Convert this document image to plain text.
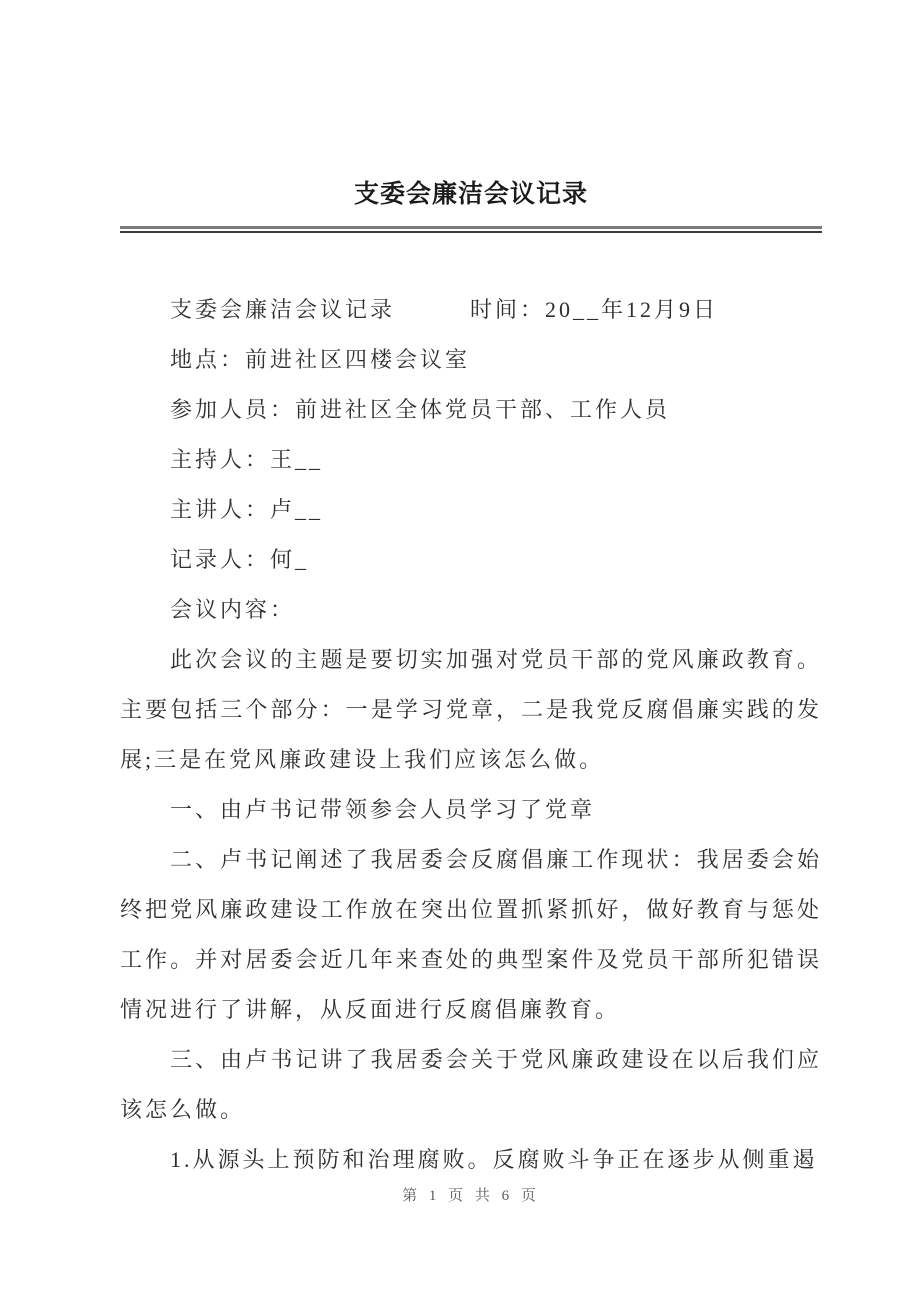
支委会廉洁会议记录

支委会廉洁会议记录　　　时间：20__年12月9日

地点：前进社区四楼会议室

参加人员：前进社区全体党员干部、工作人员

主持人：王__

主讲人：卢__

记录人：何_

会议内容：

此次会议的主题是要切实加强对党员干部的党风廉政教育。主要包括三个部分：一是学习党章，二是我党反腐倡廉实践的发展;三是在党风廉政建设上我们应该怎么做。

一、由卢书记带领参会人员学习了党章

二、卢书记阐述了我居委会反腐倡廉工作现状：我居委会始终把党风廉政建设工作放在突出位置抓紧抓好，做好教育与惩处工作。并对居委会近几年来查处的典型案件及党员干部所犯错误情况进行了讲解，从反面进行反腐倡廉教育。

三、由卢书记讲了我居委会关于党风廉政建设在以后我们应该怎么做。

1.从源头上预防和治理腐败。反腐败斗争正在逐步从侧重遏

第 1 页 共 6 页
